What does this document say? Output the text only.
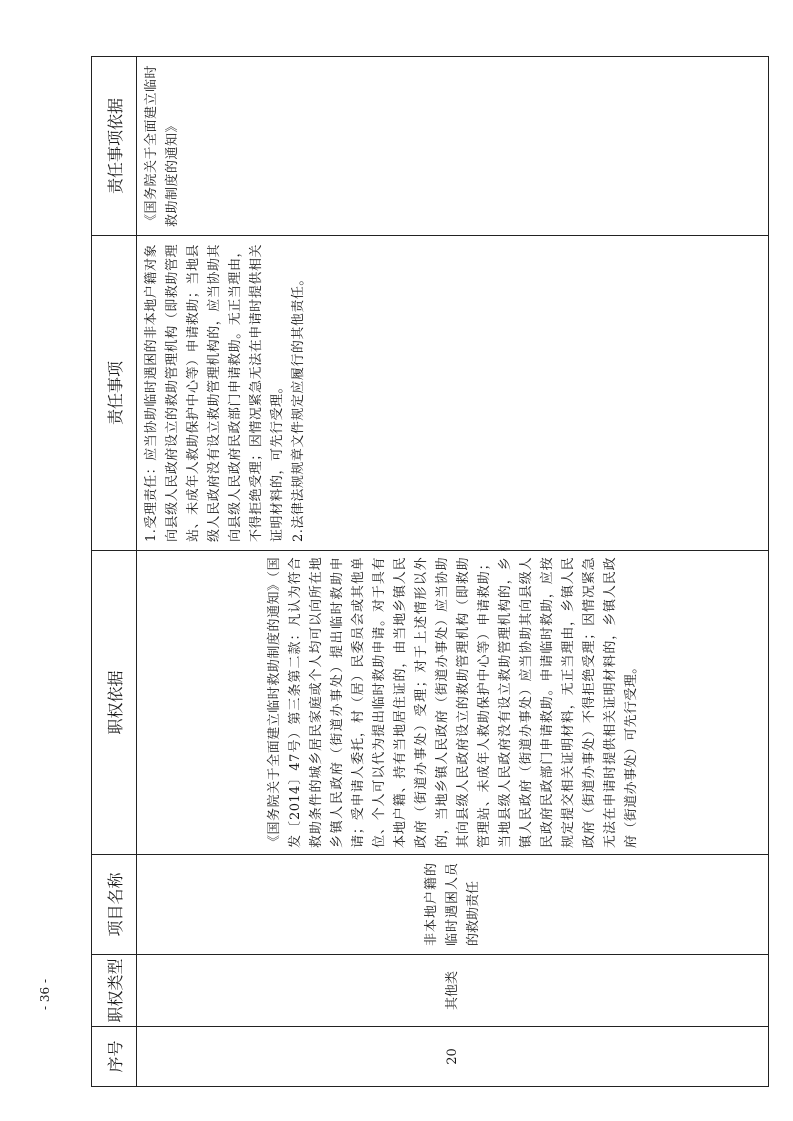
- 36 -
序号	职权类型	项目名称	职权依据	责任事项	责任事项依据
20	其他类	非本地户籍的临时遇困人员的救助责任	《国务院关于全面建立临时救助制度的通知》（国发〔2014〕47号）第三条第二款：凡认为符合救助条件的城乡居民家庭或个人均可以向所在地乡镇人民政府（街道办事处）提出临时救助申请；受申请人委托，村（居）民委员会或其他单位、个人可以代为提出临时救助申请。对于具有本地户籍、持有当地居住证的，由当地乡镇人民政府（街道办事处）受理；对于上述情形以外的，当地乡镇人民政府（街道办事处）应当协助其向县级人民政府设立的救助管理机构（即救助管理站、未成年人救助保护中心等）申请救助；当地县级人民政府没有设立救助管理机构的，乡镇人民政府（街道办事处）应当协助其向县级人民政府民政部门申请救助。申请临时救助，应按规定提交相关证明材料，无正当理由，乡镇人民政府（街道办事处）不得拒绝受理；因情况紧急无法在申请时提供相关证明材料的，乡镇人民政府（街道办事处）可先行受理。	1.受理责任：应当协助临时遇困的非本地户籍对象向县级人民政府设立的救助管理机构（即救助管理站、未成年人救助保护中心等）申请救助；当地县级人民政府没有设立救助管理机构的，应当协助其向县级人民政府民政部门申请救助。无正当理由，不得拒绝受理；因情况紧急无法在申请时提供相关证明材料的，可先行受理。 2.法律法规规章文件规定应履行的其他责任。	《国务院关于全面建立临时救助制度的通知》
